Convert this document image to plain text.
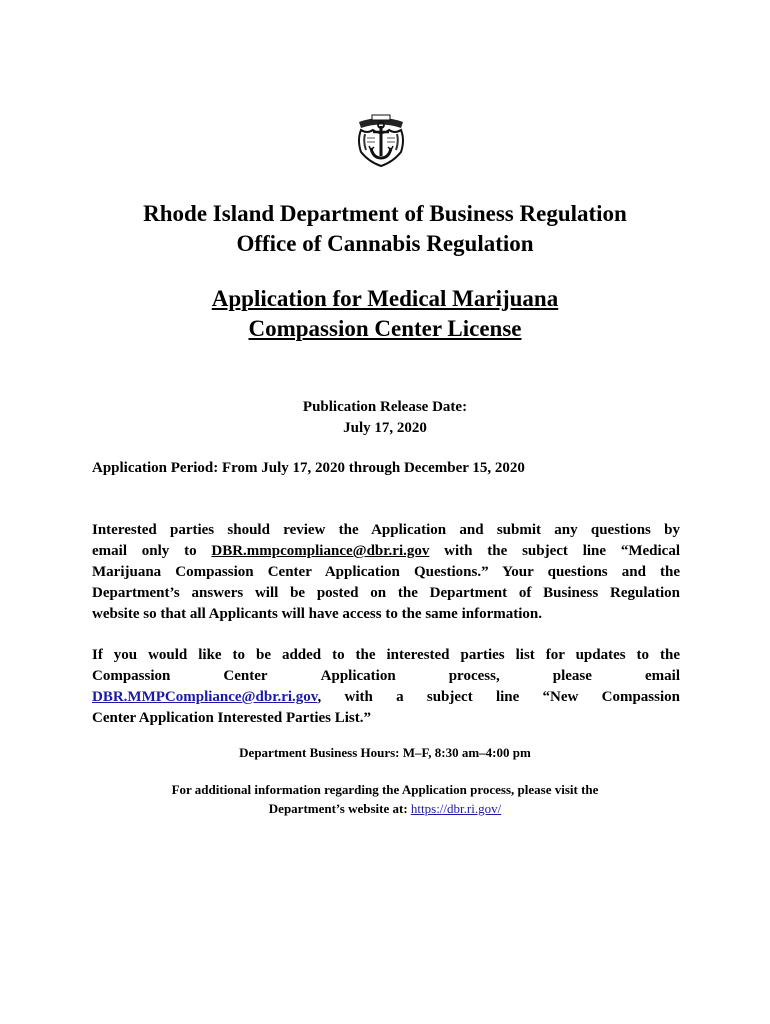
Rhode Island Department of Business Regulation
Office of Cannabis Regulation
Application for Medical Marijuana
Compassion Center License
Publication Release Date:
July 17, 2020
Application Period: From July 17, 2020 through December 15, 2020
Interested parties should review the Application and submit any questions by
email only to DBR.mmpcompliance@dbr.ri.gov with the subject line “Medical
Marijuana Compassion Center Application Questions.” Your questions and the
Department’s answers will be posted on the Department of Business Regulation
website so that all Applicants will have access to the same information.
If you would like to be added to the interested parties list for updates to the
Compassion	Center	Application	process,	please	email
DBR.MMPCompliance@dbr.ri.gov, with a subject line “New Compassion
Center Application Interested Parties List.”
Department Business Hours: M–F, 8:30 am–4:00 pm
For additional information regarding the Application process, please visit the
Department’s website at: https://dbr.ri.gov/
